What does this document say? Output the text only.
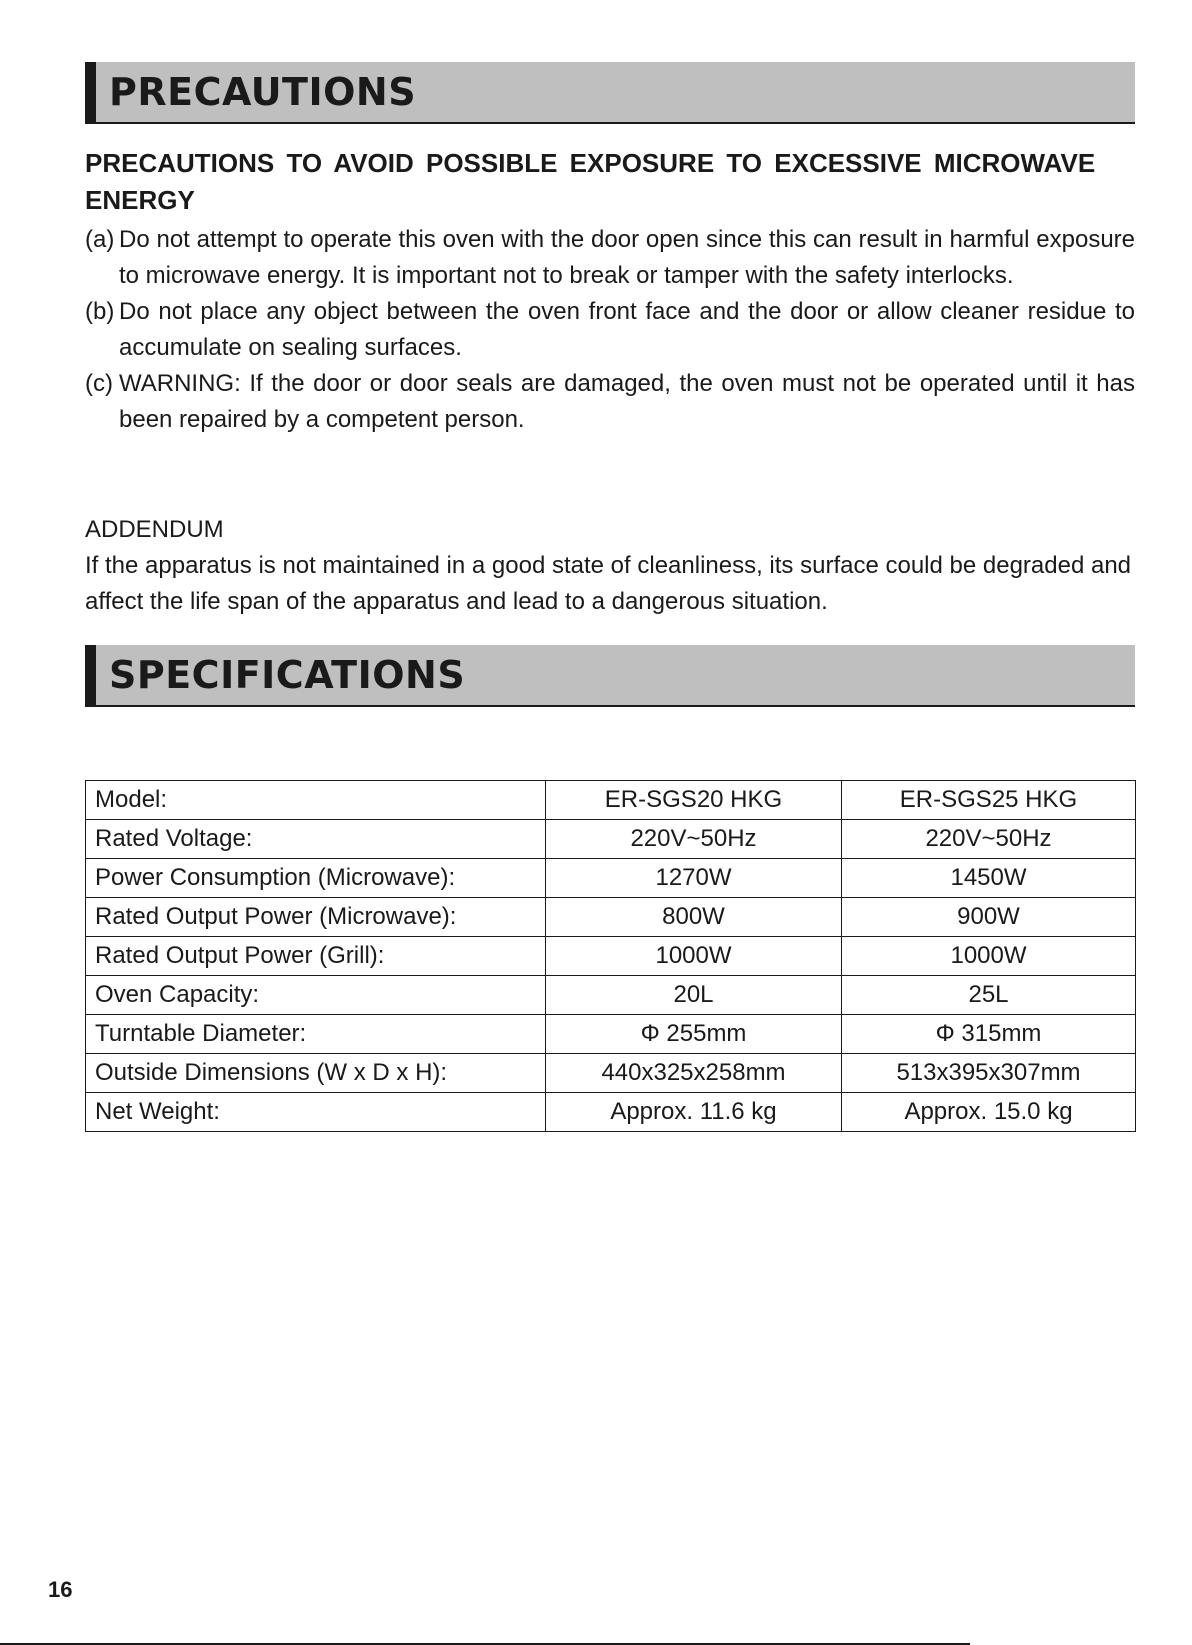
PRECAUTIONS
PRECAUTIONS TO AVOID POSSIBLE EXPOSURE TO EXCESSIVE MICROWAVE ENERGY
(a) Do not attempt to operate this oven with the door open since this can result in harmful exposure to microwave energy. It is important not to break or tamper with the safety interlocks.
(b) Do not place any object between the oven front face and the door or allow cleaner residue to accumulate on sealing surfaces.
(c) WARNING: If the door or door seals are damaged, the oven must not be operated until it has been repaired by a competent person.
ADDENDUM
If the apparatus is not maintained in a good state of cleanliness, its surface could be degraded and affect the life span of the apparatus and lead to a dangerous situation.
SPECIFICATIONS
Model:	ER-SGS20 HKG	ER-SGS25 HKG
Rated Voltage:	220V~50Hz	220V~50Hz
Power Consumption (Microwave):	1270W	1450W
Rated Output Power (Microwave):	800W	900W
Rated Output Power (Grill):	1000W	1000W
Oven Capacity:	20L	25L
Turntable Diameter:	Φ 255mm	Φ 315mm
Outside Dimensions (W x D x H):	440x325x258mm	513x395x307mm
Net Weight:	Approx. 11.6 kg	Approx. 15.0 kg
16
